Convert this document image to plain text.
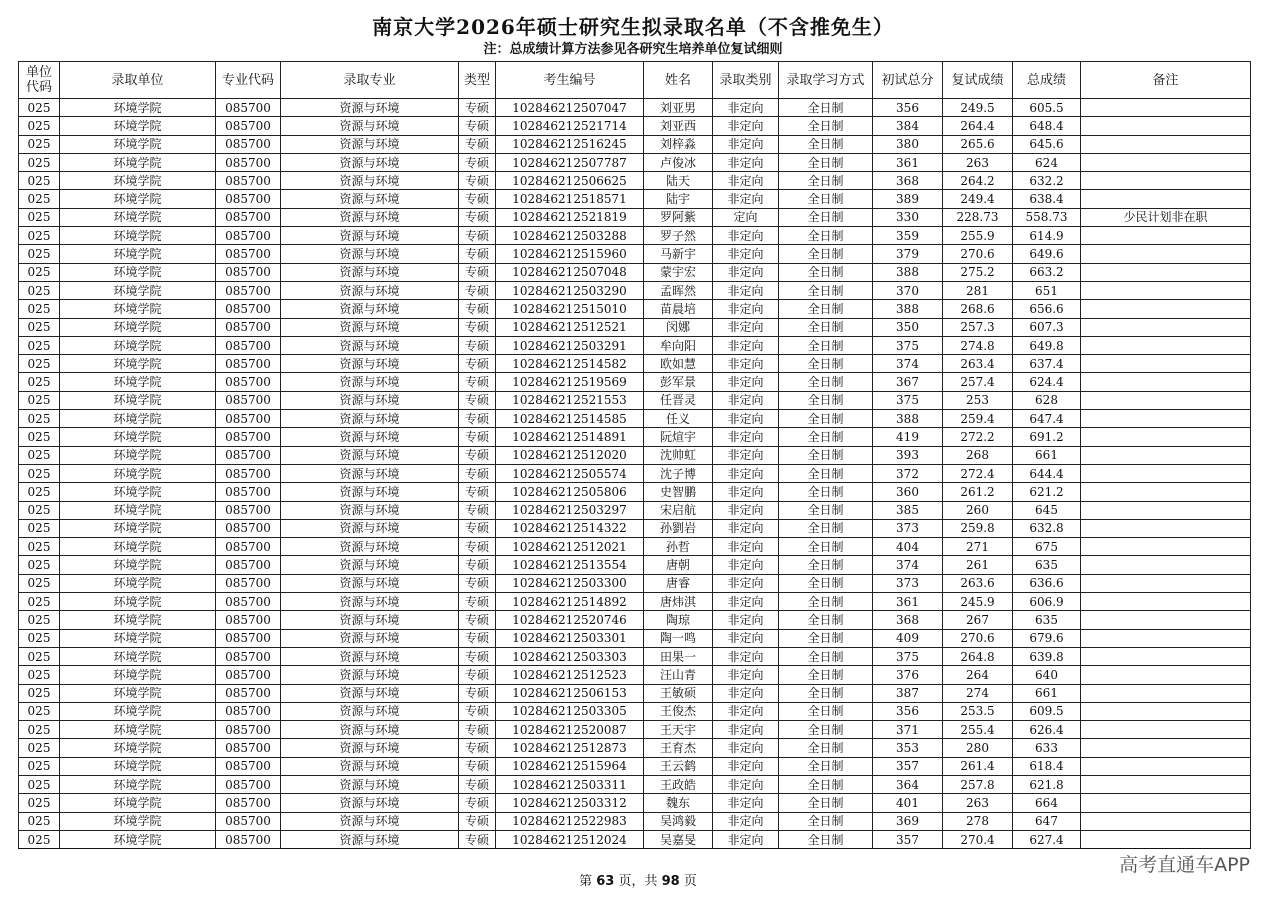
南京大学2026年硕士研究生拟录取名单（不含推免生）
注：总成绩计算方法参见各研究生培养单位复试细则
单位代码	录取单位	专业代码	录取专业	类型	考生编号	姓名	录取类别	录取学习方式	初试总分	复试成绩	总成绩	备注
025	环境学院	085700	资源与环境	专硕	102846212507047	刘亚男	非定向	全日制	356	249.5	605.5	
025	环境学院	085700	资源与环境	专硕	102846212521714	刘亚西	非定向	全日制	384	264.4	648.4	
025	环境学院	085700	资源与环境	专硕	102846212516245	刘梓淼	非定向	全日制	380	265.6	645.6	
025	环境学院	085700	资源与环境	专硕	102846212507787	卢俊冰	非定向	全日制	361	263	624	
025	环境学院	085700	资源与环境	专硕	102846212506625	陆天	非定向	全日制	368	264.2	632.2	
025	环境学院	085700	资源与环境	专硕	102846212518571	陆宇	非定向	全日制	389	249.4	638.4	
025	环境学院	085700	资源与环境	专硕	102846212521819	罗阿紫	定向	全日制	330	228.73	558.73	少民计划非在职
025	环境学院	085700	资源与环境	专硕	102846212503288	罗子然	非定向	全日制	359	255.9	614.9	
025	环境学院	085700	资源与环境	专硕	102846212515960	马新宇	非定向	全日制	379	270.6	649.6	
025	环境学院	085700	资源与环境	专硕	102846212507048	蒙宇宏	非定向	全日制	388	275.2	663.2	
025	环境学院	085700	资源与环境	专硕	102846212503290	孟晖然	非定向	全日制	370	281	651	
025	环境学院	085700	资源与环境	专硕	102846212515010	苗晨培	非定向	全日制	388	268.6	656.6	
025	环境学院	085700	资源与环境	专硕	102846212512521	闵娜	非定向	全日制	350	257.3	607.3	
025	环境学院	085700	资源与环境	专硕	102846212503291	牟向阳	非定向	全日制	375	274.8	649.8	
025	环境学院	085700	资源与环境	专硕	102846212514582	欧如慧	非定向	全日制	374	263.4	637.4	
025	环境学院	085700	资源与环境	专硕	102846212519569	彭军景	非定向	全日制	367	257.4	624.4	
025	环境学院	085700	资源与环境	专硕	102846212521553	任晋灵	非定向	全日制	375	253	628	
025	环境学院	085700	资源与环境	专硕	102846212514585	任义	非定向	全日制	388	259.4	647.4	
025	环境学院	085700	资源与环境	专硕	102846212514891	阮煊宇	非定向	全日制	419	272.2	691.2	
025	环境学院	085700	资源与环境	专硕	102846212512020	沈帅虹	非定向	全日制	393	268	661	
025	环境学院	085700	资源与环境	专硕	102846212505574	沈子博	非定向	全日制	372	272.4	644.4	
025	环境学院	085700	资源与环境	专硕	102846212505806	史智鹏	非定向	全日制	360	261.2	621.2	
025	环境学院	085700	资源与环境	专硕	102846212503297	宋启航	非定向	全日制	385	260	645	
025	环境学院	085700	资源与环境	专硕	102846212514322	孙劉岩	非定向	全日制	373	259.8	632.8	
025	环境学院	085700	资源与环境	专硕	102846212512021	孙哲	非定向	全日制	404	271	675	
025	环境学院	085700	资源与环境	专硕	102846212513554	唐朝	非定向	全日制	374	261	635	
025	环境学院	085700	资源与环境	专硕	102846212503300	唐睿	非定向	全日制	373	263.6	636.6	
025	环境学院	085700	资源与环境	专硕	102846212514892	唐炜淇	非定向	全日制	361	245.9	606.9	
025	环境学院	085700	资源与环境	专硕	102846212520746	陶琼	非定向	全日制	368	267	635	
025	环境学院	085700	资源与环境	专硕	102846212503301	陶一鸣	非定向	全日制	409	270.6	679.6	
025	环境学院	085700	资源与环境	专硕	102846212503303	田果一	非定向	全日制	375	264.8	639.8	
025	环境学院	085700	资源与环境	专硕	102846212512523	汪山青	非定向	全日制	376	264	640	
025	环境学院	085700	资源与环境	专硕	102846212506153	王敏硕	非定向	全日制	387	274	661	
025	环境学院	085700	资源与环境	专硕	102846212503305	王俊杰	非定向	全日制	356	253.5	609.5	
025	环境学院	085700	资源与环境	专硕	102846212520087	王天宇	非定向	全日制	371	255.4	626.4	
025	环境学院	085700	资源与环境	专硕	102846212512873	王育杰	非定向	全日制	353	280	633	
025	环境学院	085700	资源与环境	专硕	102846212515964	王云鹤	非定向	全日制	357	261.4	618.4	
025	环境学院	085700	资源与环境	专硕	102846212503311	王政皓	非定向	全日制	364	257.8	621.8	
025	环境学院	085700	资源与环境	专硕	102846212503312	魏东	非定向	全日制	401	263	664	
025	环境学院	085700	资源与环境	专硕	102846212522983	吴鸿毅	非定向	全日制	369	278	647	
025	环境学院	085700	资源与环境	专硕	102846212512024	吴嘉旻	非定向	全日制	357	270.4	627.4	
第 63 页，共 98 页
高考直通车APP
